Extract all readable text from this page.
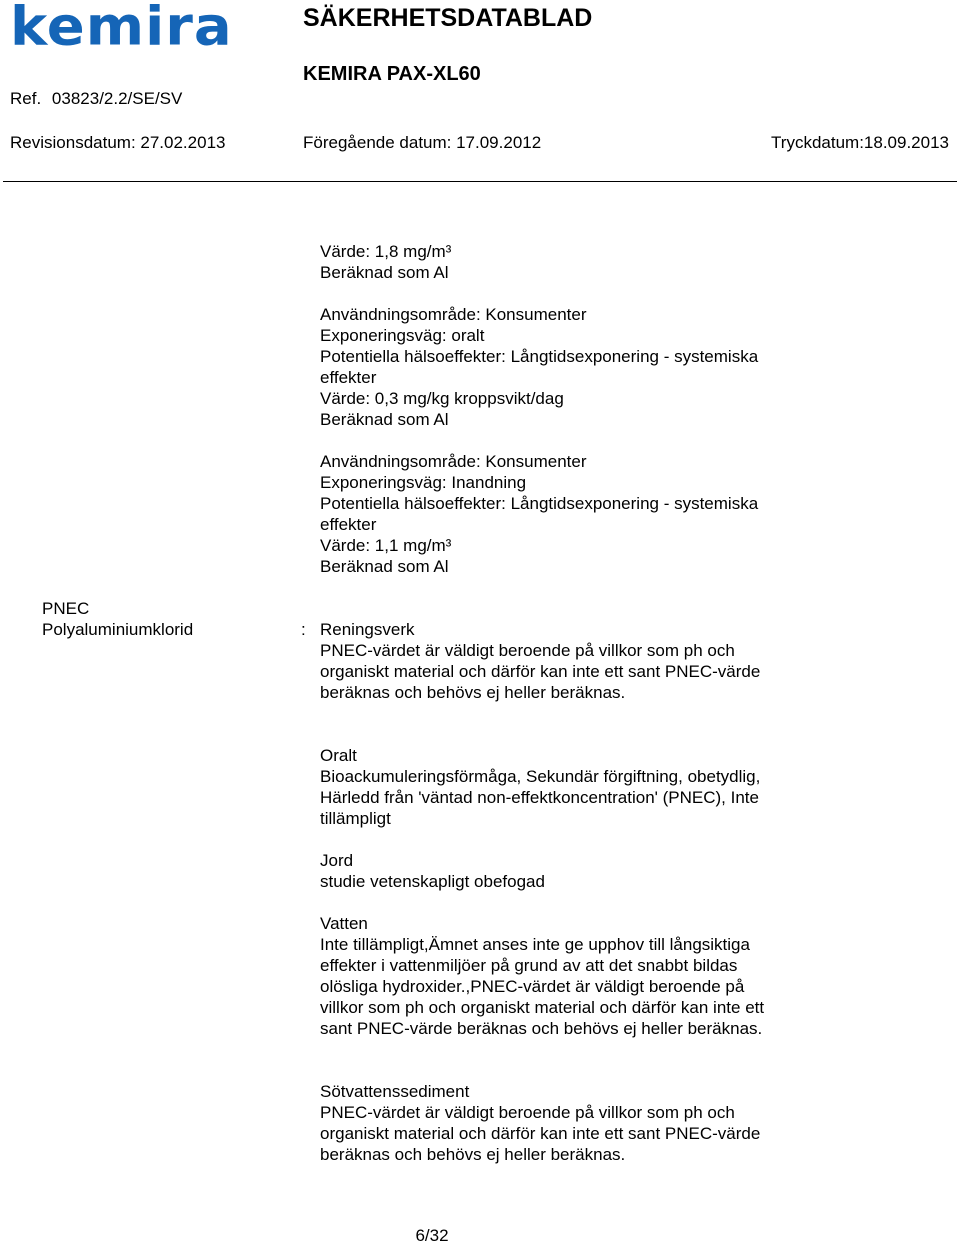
kemira	SÄKERHETSDATABLAD
KEMIRA PAX-XL60
Ref. 03823/2.2/SE/SV
Revisionsdatum: 27.02.2013	Föregående datum: 17.09.2012	Tryckdatum:18.09.2013
Värde: 1,8 mg/m³
Beräknad som Al
Användningsområde: Konsumenter
Exponeringsväg: oralt
Potentiella hälsoeffekter: Långtidsexponering - systemiska
effekter
Värde: 0,3 mg/kg kroppsvikt/dag
Beräknad som Al
Användningsområde: Konsumenter
Exponeringsväg: Inandning
Potentiella hälsoeffekter: Långtidsexponering - systemiska
effekter
Värde: 1,1 mg/m³
Beräknad som Al
PNEC
Polyaluminiumklorid	: Reningsverk
PNEC-värdet är väldigt beroende på villkor som ph och
organiskt material och därför kan inte ett sant PNEC-värde
beräknas och behövs ej heller beräknas.
Oralt
Bioackumuleringsförmåga, Sekundär förgiftning, obetydlig,
Härledd från 'väntad non-effektkoncentration' (PNEC), Inte
tillämpligt
Jord
studie vetenskapligt obefogad
Vatten
Inte tillämpligt,Ämnet anses inte ge upphov till långsiktiga
effekter i vattenmiljöer på grund av att det snabbt bildas
olösliga hydroxider.,PNEC-värdet är väldigt beroende på
villkor som ph och organiskt material och därför kan inte ett
sant PNEC-värde beräknas och behövs ej heller beräknas.
Sötvattenssediment
PNEC-värdet är väldigt beroende på villkor som ph och
organiskt material och därför kan inte ett sant PNEC-värde
beräknas och behövs ej heller beräknas.
6/32
